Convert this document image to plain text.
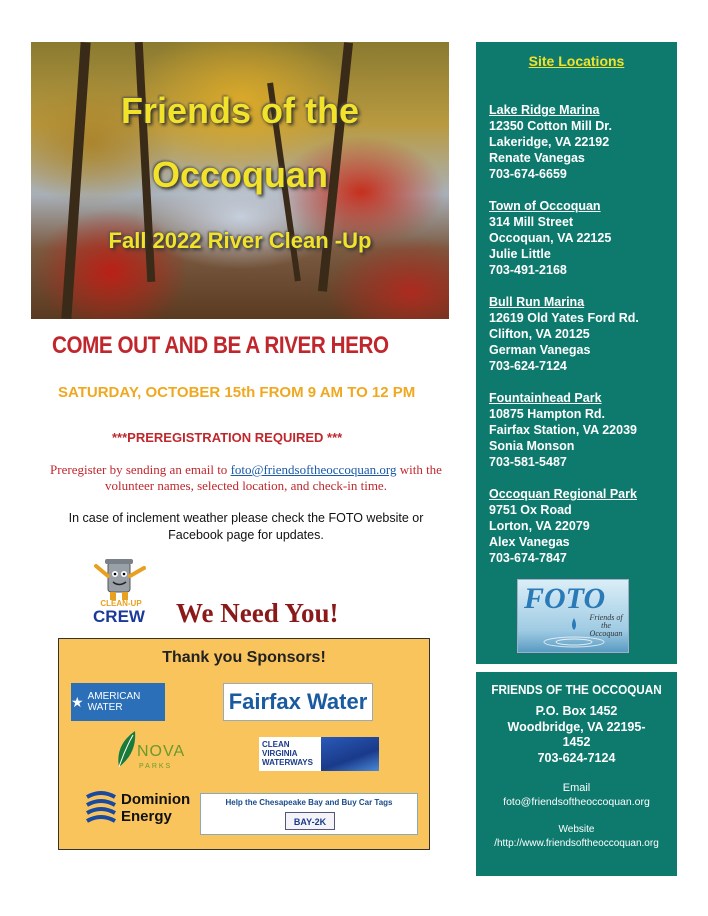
Friends of the
Occoquan
Fall 2022 River Clean -Up
COME OUT AND BE A RIVER HERO
SATURDAY, OCTOBER 15th FROM 9 AM TO 12 PM
***PREREGISTRATION REQUIRED ***
Preregister by sending an email to foto@friendsoftheoccoquan.org with the volunteer names, selected location, and check-in time.
In case of inclement weather please check the FOTO website or Facebook page for updates.
CLEAN-UP
CREW We Need You!
Thank you Sponsors!
★ AMERICAN WATER	Fairfax Water
NOVA
PARKS
CLEAN VIRGINIA WATERWAYS
Dominion
Energy
Help the Chesapeake Bay and Buy Car Tags
BAY-2K
Site Locations
Lake Ridge Marina
12350 Cotton Mill Dr.
Lakeridge, VA 22192
Renate Vanegas
703-674-6659
Town of Occoquan
314 Mill Street
Occoquan, VA 22125
Julie Little
703-491-2168
Bull Run Marina
12619 Old Yates Ford Rd.
Clifton, VA 20125
German Vanegas
703-624-7124
Fountainhead Park
10875 Hampton Rd.
Fairfax Station, VA 22039
Sonia Monson
703-581-5487
Occoquan Regional Park
9751 Ox Road
Lorton, VA 22079
Alex Vanegas
703-674-7847
FOTO
Friends of the Occoquan
FRIENDS OF THE OCCOQUAN
P.O. Box 1452
Woodbridge, VA 22195-1452
703-624-7124
Email
foto@friendsoftheoccoquan.org
Website
/http://www.friendsoftheoccoquan.org
